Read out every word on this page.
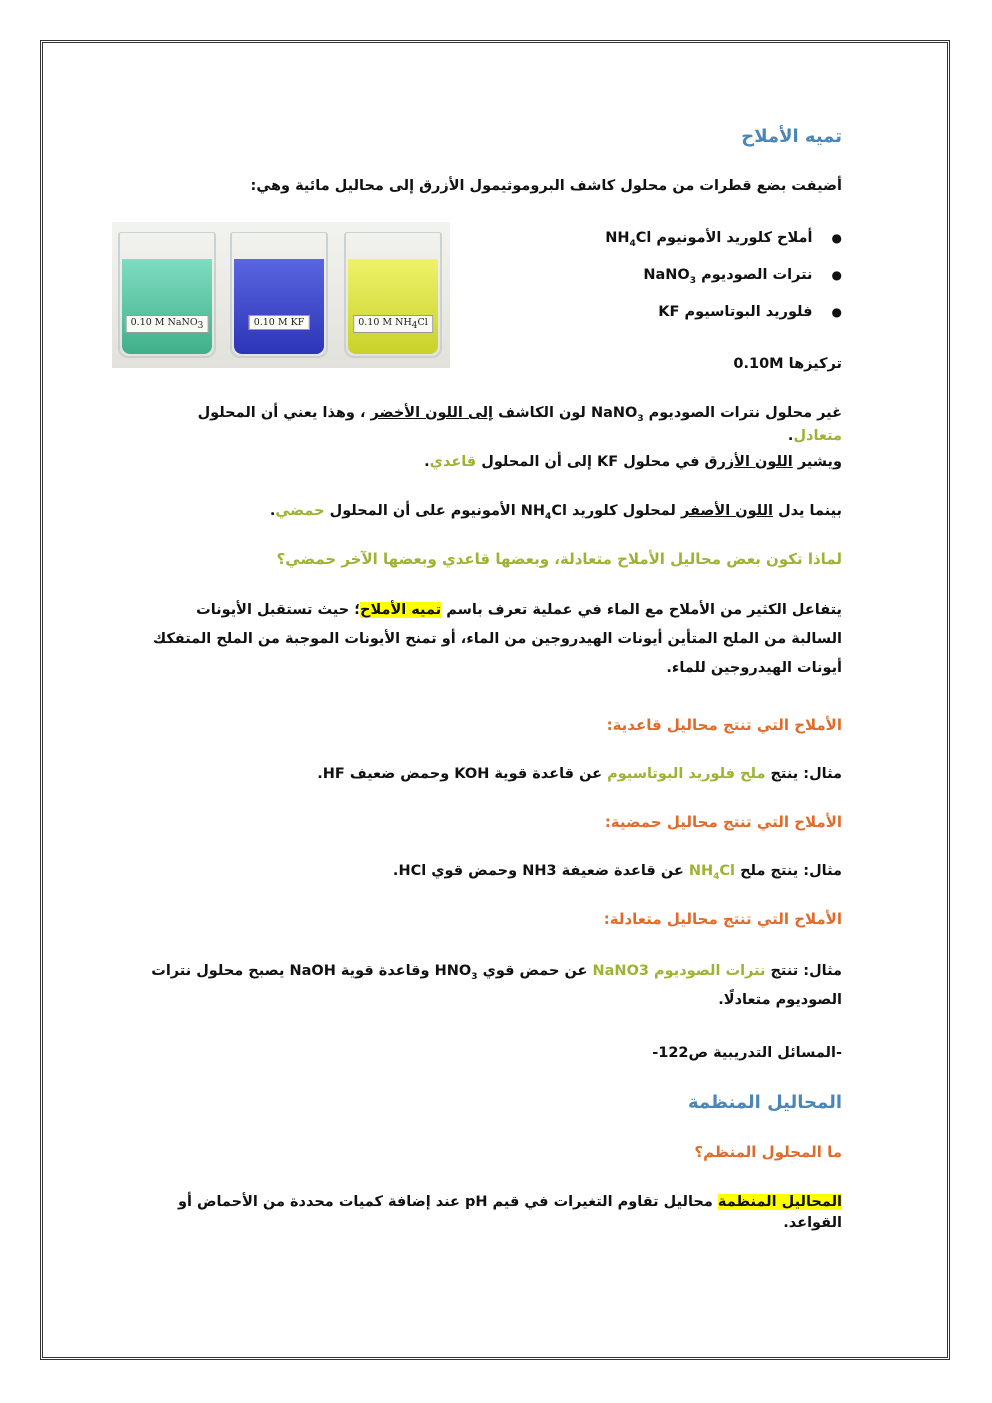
تميه الأملاح
أضيفت بضع قطرات من محلول كاشف البروموثيمول الأزرق إلى محاليل مائية وهي:
● أملاح كلوريد الأمونيوم $NH_4Cl$
● نترات الصوديوم NaNO$_3$
● فلوريد البوتاسيوم KF
0.10 M NaNO$_3$	0.10 M KF	0.10 M $NH_4Cl$
تركيزها 0.10M
غير محلول نترات الصوديوم NaNO$_3$ لون الكاشف إلى اللون الأخضر ، وهذا يعني أن المحلول متعادل.
ويشير اللون الأزرق في محلول KF إلى أن المحلول قاعدي.
بينما يدل اللون الأصفر لمحلول كلوريد $NH_4Cl$ الأمونيوم على أن المحلول حمضي.
لماذا تكون بعض محاليل الأملاح متعادلة، وبعضها قاعدي وبعضها الآخر حمضي؟
يتفاعل الكثير من الأملاح مع الماء في عملية تعرف باسم تميه الأملاح؛ حيث تستقبل الأيونات السالبة من الملح المتأين أيونات الهيدروجين من الماء، أو تمنح الأيونات الموجبة من الملح المتفكك أيونات الهيدروجين للماء.
الأملاح التي تنتج محاليل قاعدية:
مثال: ينتج ملح فلوريد البوتاسيوم عن قاعدة قوية KOH وحمض ضعيف HF.
الأملاح التي تنتج محاليل حمضية:
مثال: ينتج ملح $NH_4Cl$ عن قاعدة ضعيفة NH3 وحمض قوي HCl.
الأملاح التي تنتج محاليل متعادلة:
مثال: تنتج نترات الصوديوم NaNO3 عن حمض قوي $HNO_3$ وقاعدة قوية NaOH يصبح محلول نترات الصوديوم متعادلًا.
-المسائل التدريبية ص122-
المحاليل المنظمة
ما المحلول المنظم؟
المحاليل المنظمة محاليل تقاوم التغيرات في قيم pH عند إضافة كميات محددة من الأحماض أو القواعد.
